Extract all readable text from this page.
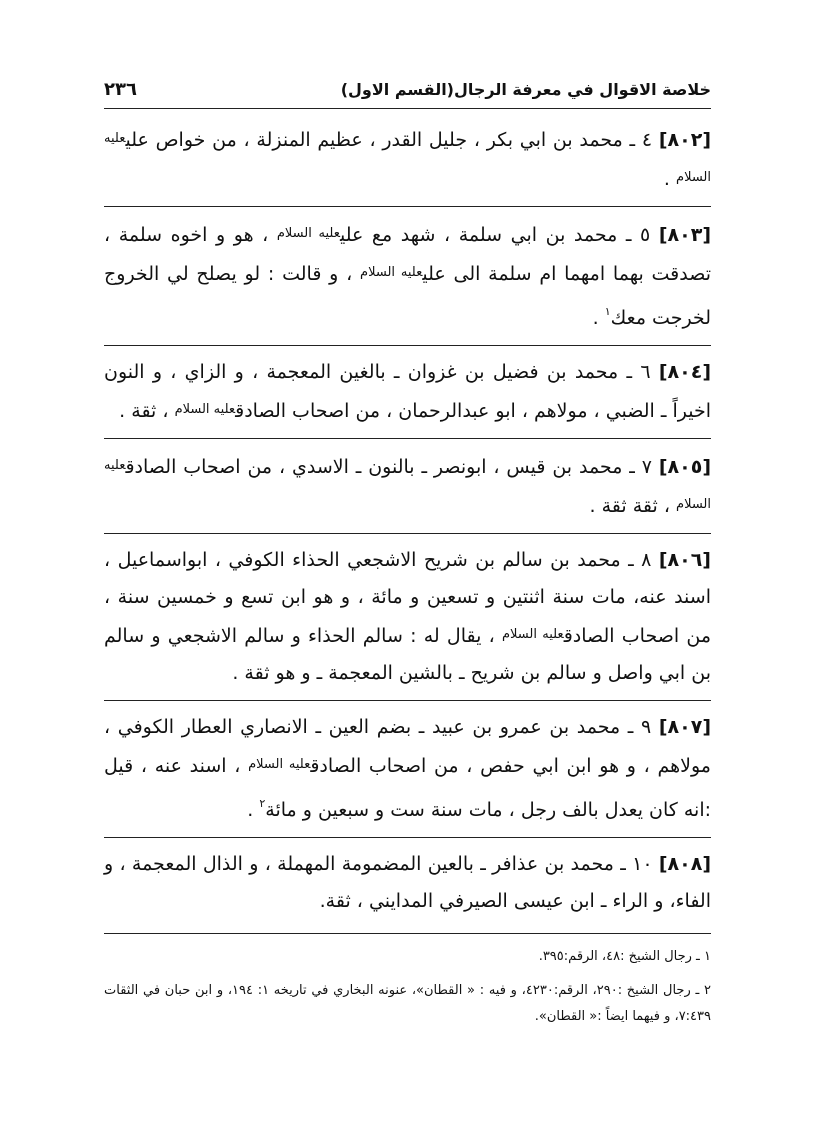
٢٣٦	خلاصة الاقوال في معرفة الرجال(القسم الاول)

[٨٠٢] ٤ ـ محمد بن ابي بكر ، جليل القدر ، عظيم المنزلة ، من خواص علي$^{عليه السلام}$ .

[٨٠٣] ٥ ـ محمد بن ابي سلمة ، شهد مع علي$^{عليه السلام}$ ، هو و اخوه سلمة ، تصدقت بهما امهما ام سلمة الى علي$^{عليه السلام}$ ، و قالت : لو يصلح لي الخروج لخرجت معك$^١$ .

[٨٠٤] ٦ ـ محمد بن فضيل بن غزوان ـ بالغين المعجمة ، و الزاي ، و النون اخيراً ـ الضبي ، مولاهم ، ابو عبدالرحمان ، من اصحاب الصادق$^{عليه السلام}$ ، ثقة .

[٨٠٥] ٧ ـ محمد بن قيس ، ابونصر ـ بالنون ـ الاسدي ، من اصحاب الصادق$^{عليه السلام}$ ، ثقة ثقة .

[٨٠٦] ٨ ـ محمد بن سالم بن شريح الاشجعي الحذاء الكوفي ، ابواسماعيل ، اسند عنه، مات سنة اثنتين و تسعين و مائة ، و هو ابن تسع و خمسين سنة ، من اصحاب الصادق$^{عليه السلام}$ ، يقال له : سالم الحذاء و سالم الاشجعي و سالم بن ابي واصل و سالم بن شريح ـ بالشين المعجمة ـ و هو ثقة .

[٨٠٧] ٩ ـ محمد بن عمرو بن عبيد ـ بضم العين ـ الانصاري العطار الكوفي ، مولاهم ، و هو ابن ابي حفص ، من اصحاب الصادق$^{عليه السلام}$ ، اسند عنه ، قيل :انه كان يعدل بالف رجل ، مات سنة ست و سبعين و مائة$^٢$ .

[٨٠٨] ١٠ ـ محمد بن عذافر ـ بالعين المضمومة المهملة ، و الذال المعجمة ، و الفاء، و الراء ـ ابن عيسى الصيرفي المدايني ، ثقة.

١ ـ رجال الشيخ :٤٨، الرقم:٣٩٥.

٢ ـ رجال الشيخ :٢٩٠، الرقم:٤٢٣٠، و فيه : « القطان»، عنونه البخاري في تاريخه ١: ١٩٤، و ابن حبان في الثقات ٧:٤٣٩، و فيهما ايضاً :« القطان».
